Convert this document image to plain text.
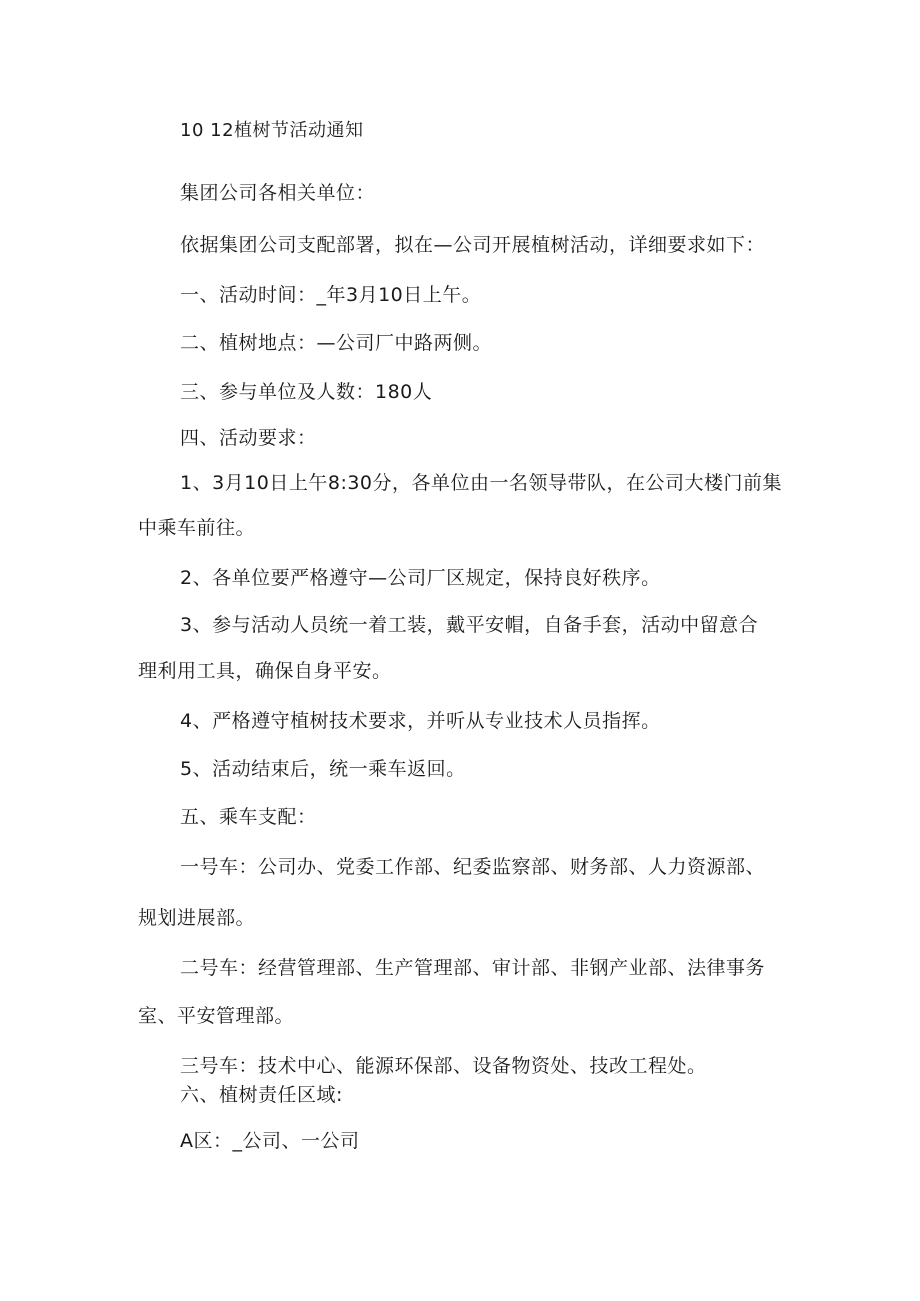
10 12植树节活动通知
集团公司各相关单位：
依据集团公司支配部署，拟在—公司开展植树活动，详细要求如下：
一、活动时间：_年3月10日上午。
二、植树地点：—公司厂中路两侧。
三、参与单位及人数：180人
四、活动要求：
1、3月10日上午8:30分，各单位由一名领导带队，在公司大楼门前集
中乘车前往。
2、各单位要严格遵守—公司厂区规定，保持良好秩序。
3、参与活动人员统一着工装，戴平安帽，自备手套，活动中留意合
理利用工具，确保自身平安。
4、严格遵守植树技术要求，并听从专业技术人员指挥。
5、活动结束后，统一乘车返回。
五、乘车支配：
一号车：公司办、党委工作部、纪委监察部、财务部、人力资源部、
规划进展部。
二号车：经营管理部、生产管理部、审计部、非钢产业部、法律事务
室、平安管理部。
三号车：技术中心、能源环保部、设备物资处、技改工程处。
六、植树责任区域:
A区：_公司、一公司
